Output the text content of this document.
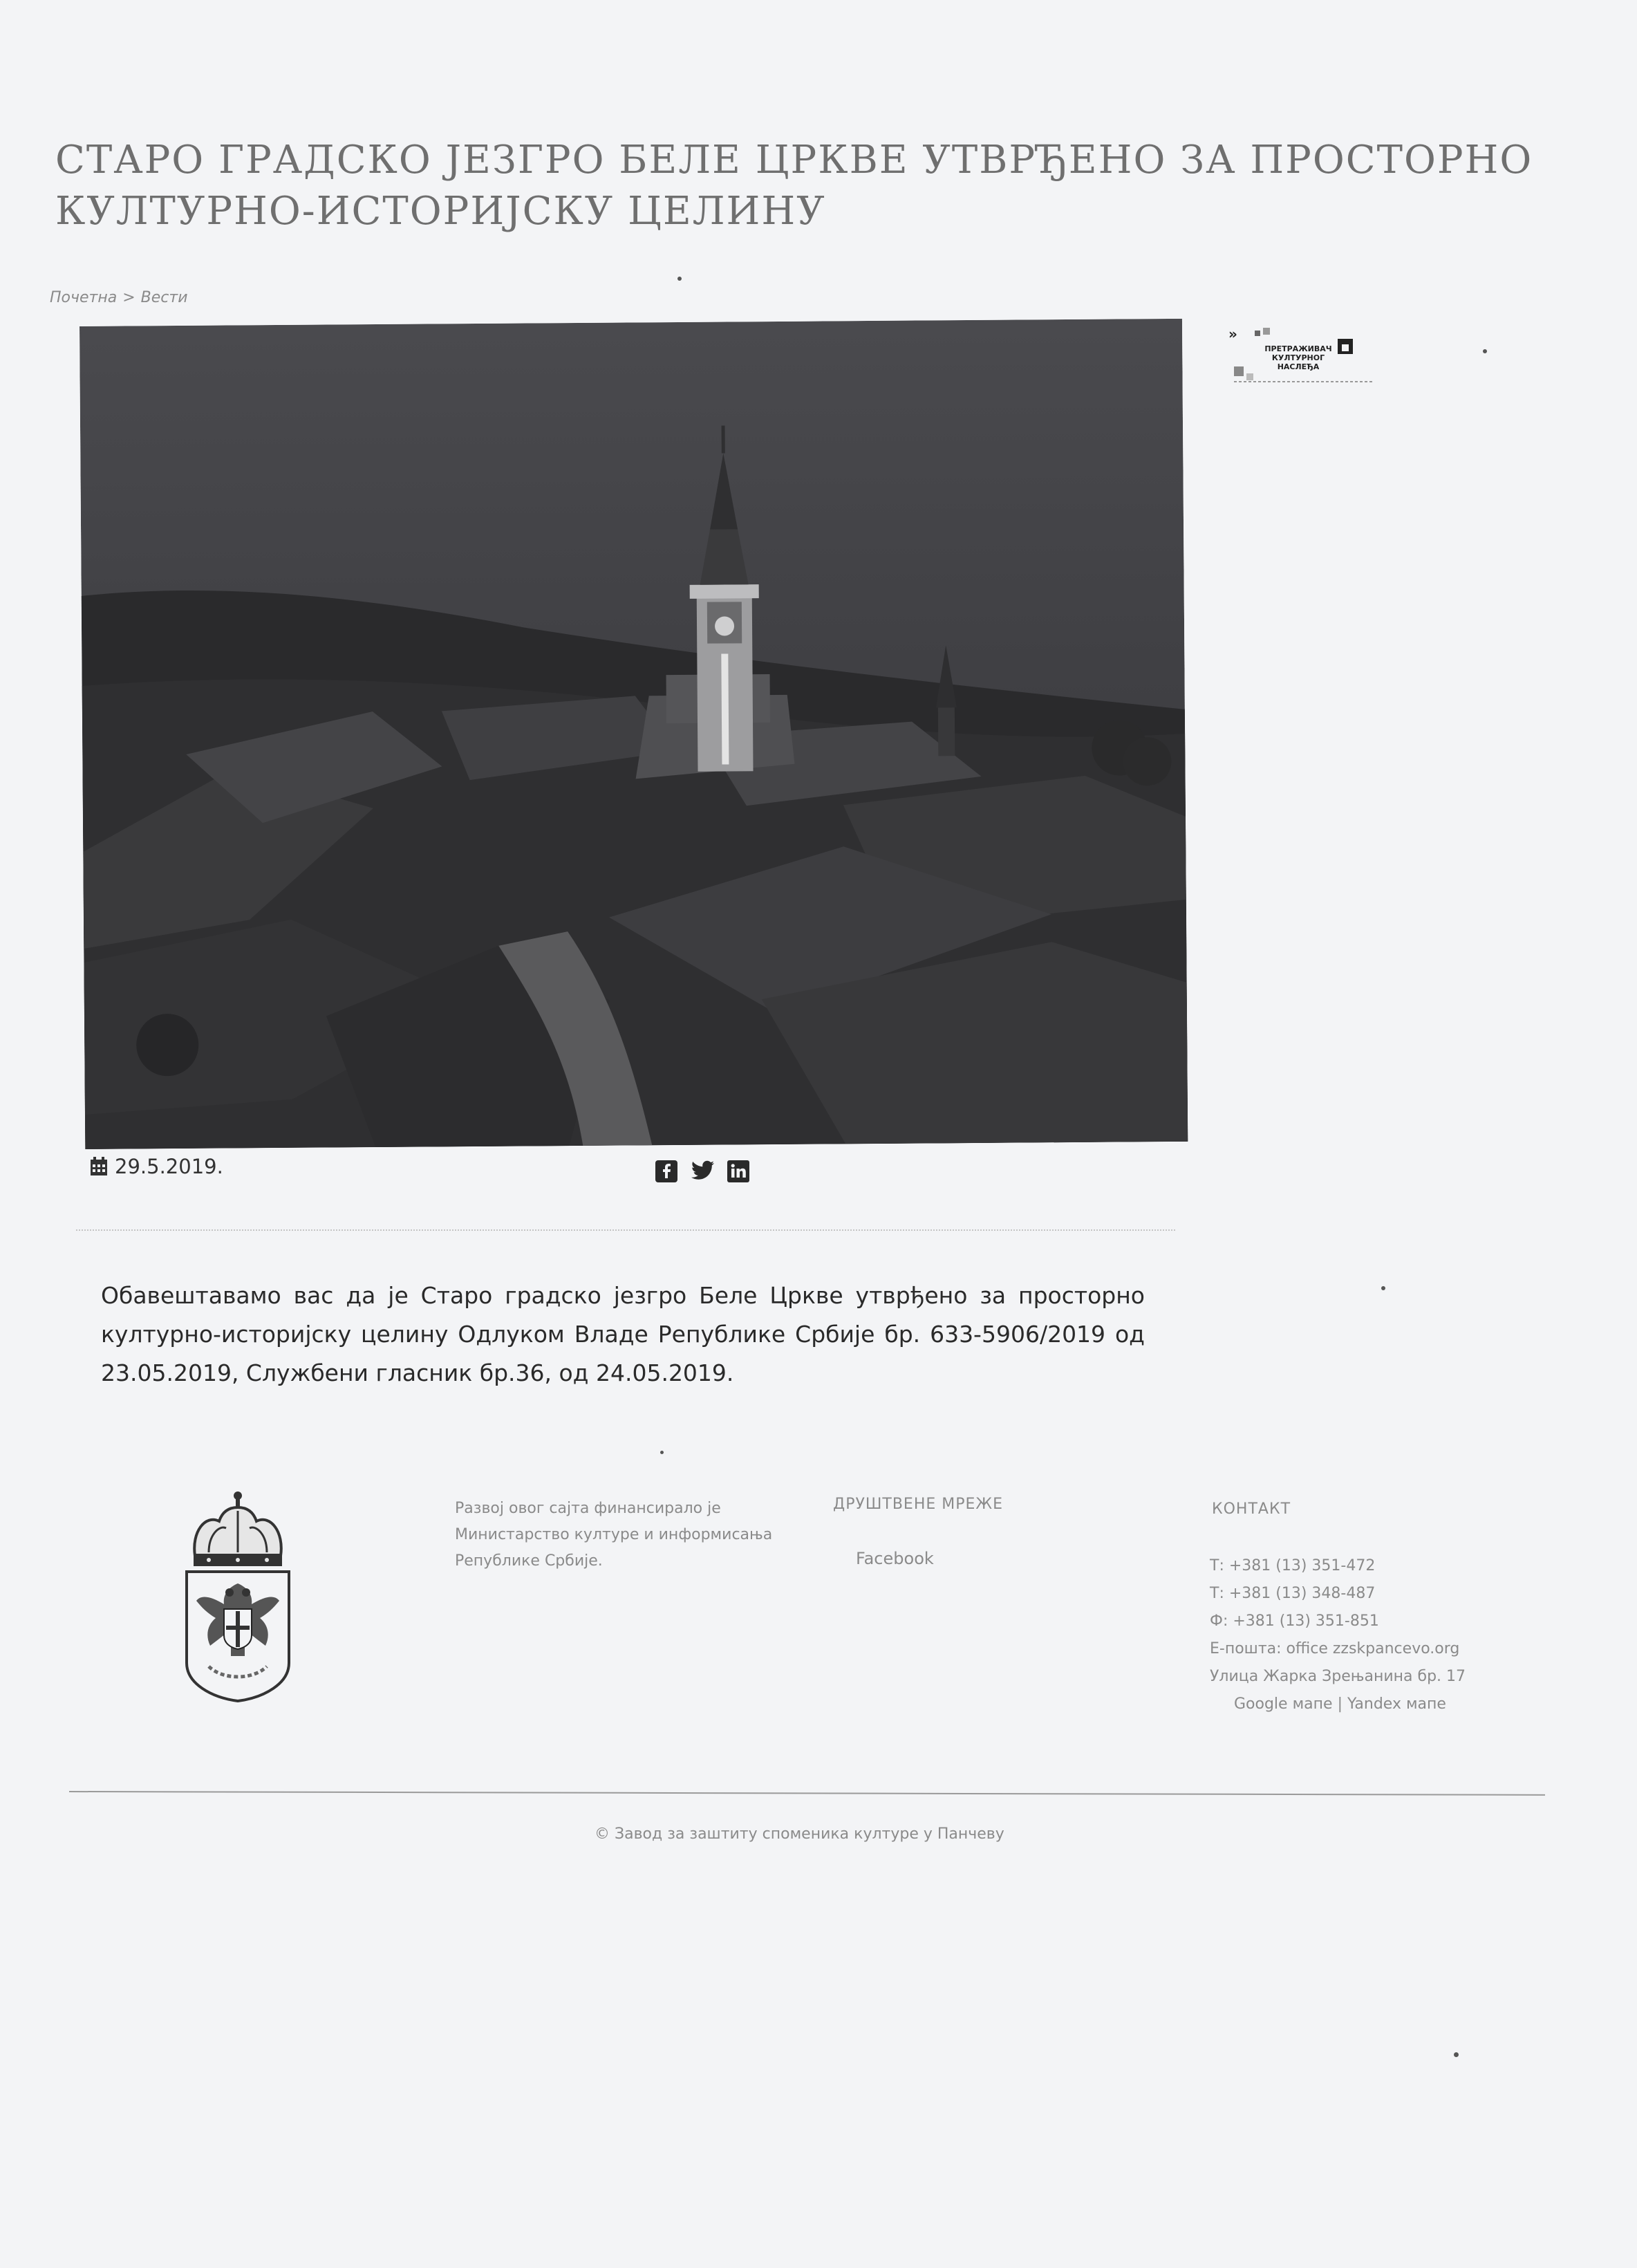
СТАРО ГРАДСКО ЈЕЗГРО БЕЛЕ ЦРКВЕ УТВРЂЕНО ЗА ПРОСТОРНО
КУЛТУРНО-ИСТОРИЈСКУ ЦЕЛИНУ
Почетна > Вести
»
ПРЕТРАЖИВАЧ
КУЛТУРНОГ
НАСЛЕЂА
29.5.2019.

Обавештавамо вас да је Старо градско језгро Беле Цркве утврђено за просторно културно-историјску целину Одлуком Владе Републике Србије бр. 633-5906/2019 од 23.05.2019, Службени гласник бр.36, од 24.05.2019.

Развој овог сајта финансирало је Министарство културе и информисања Републике Србије.
ДРУШТВЕНЕ МРЕЖЕ
Facebook
КОНТАКТ
Т: +381 (13) 351-472
Т: +381 (13) 348-487
Ф: +381 (13) 351-851
Е-пошта: office zzskpancevo.org
Улица Жарка Зрењанина бр. 17
Google мапе | Yandex мапе
© Завод за заштиту споменика културе у Панчеву
